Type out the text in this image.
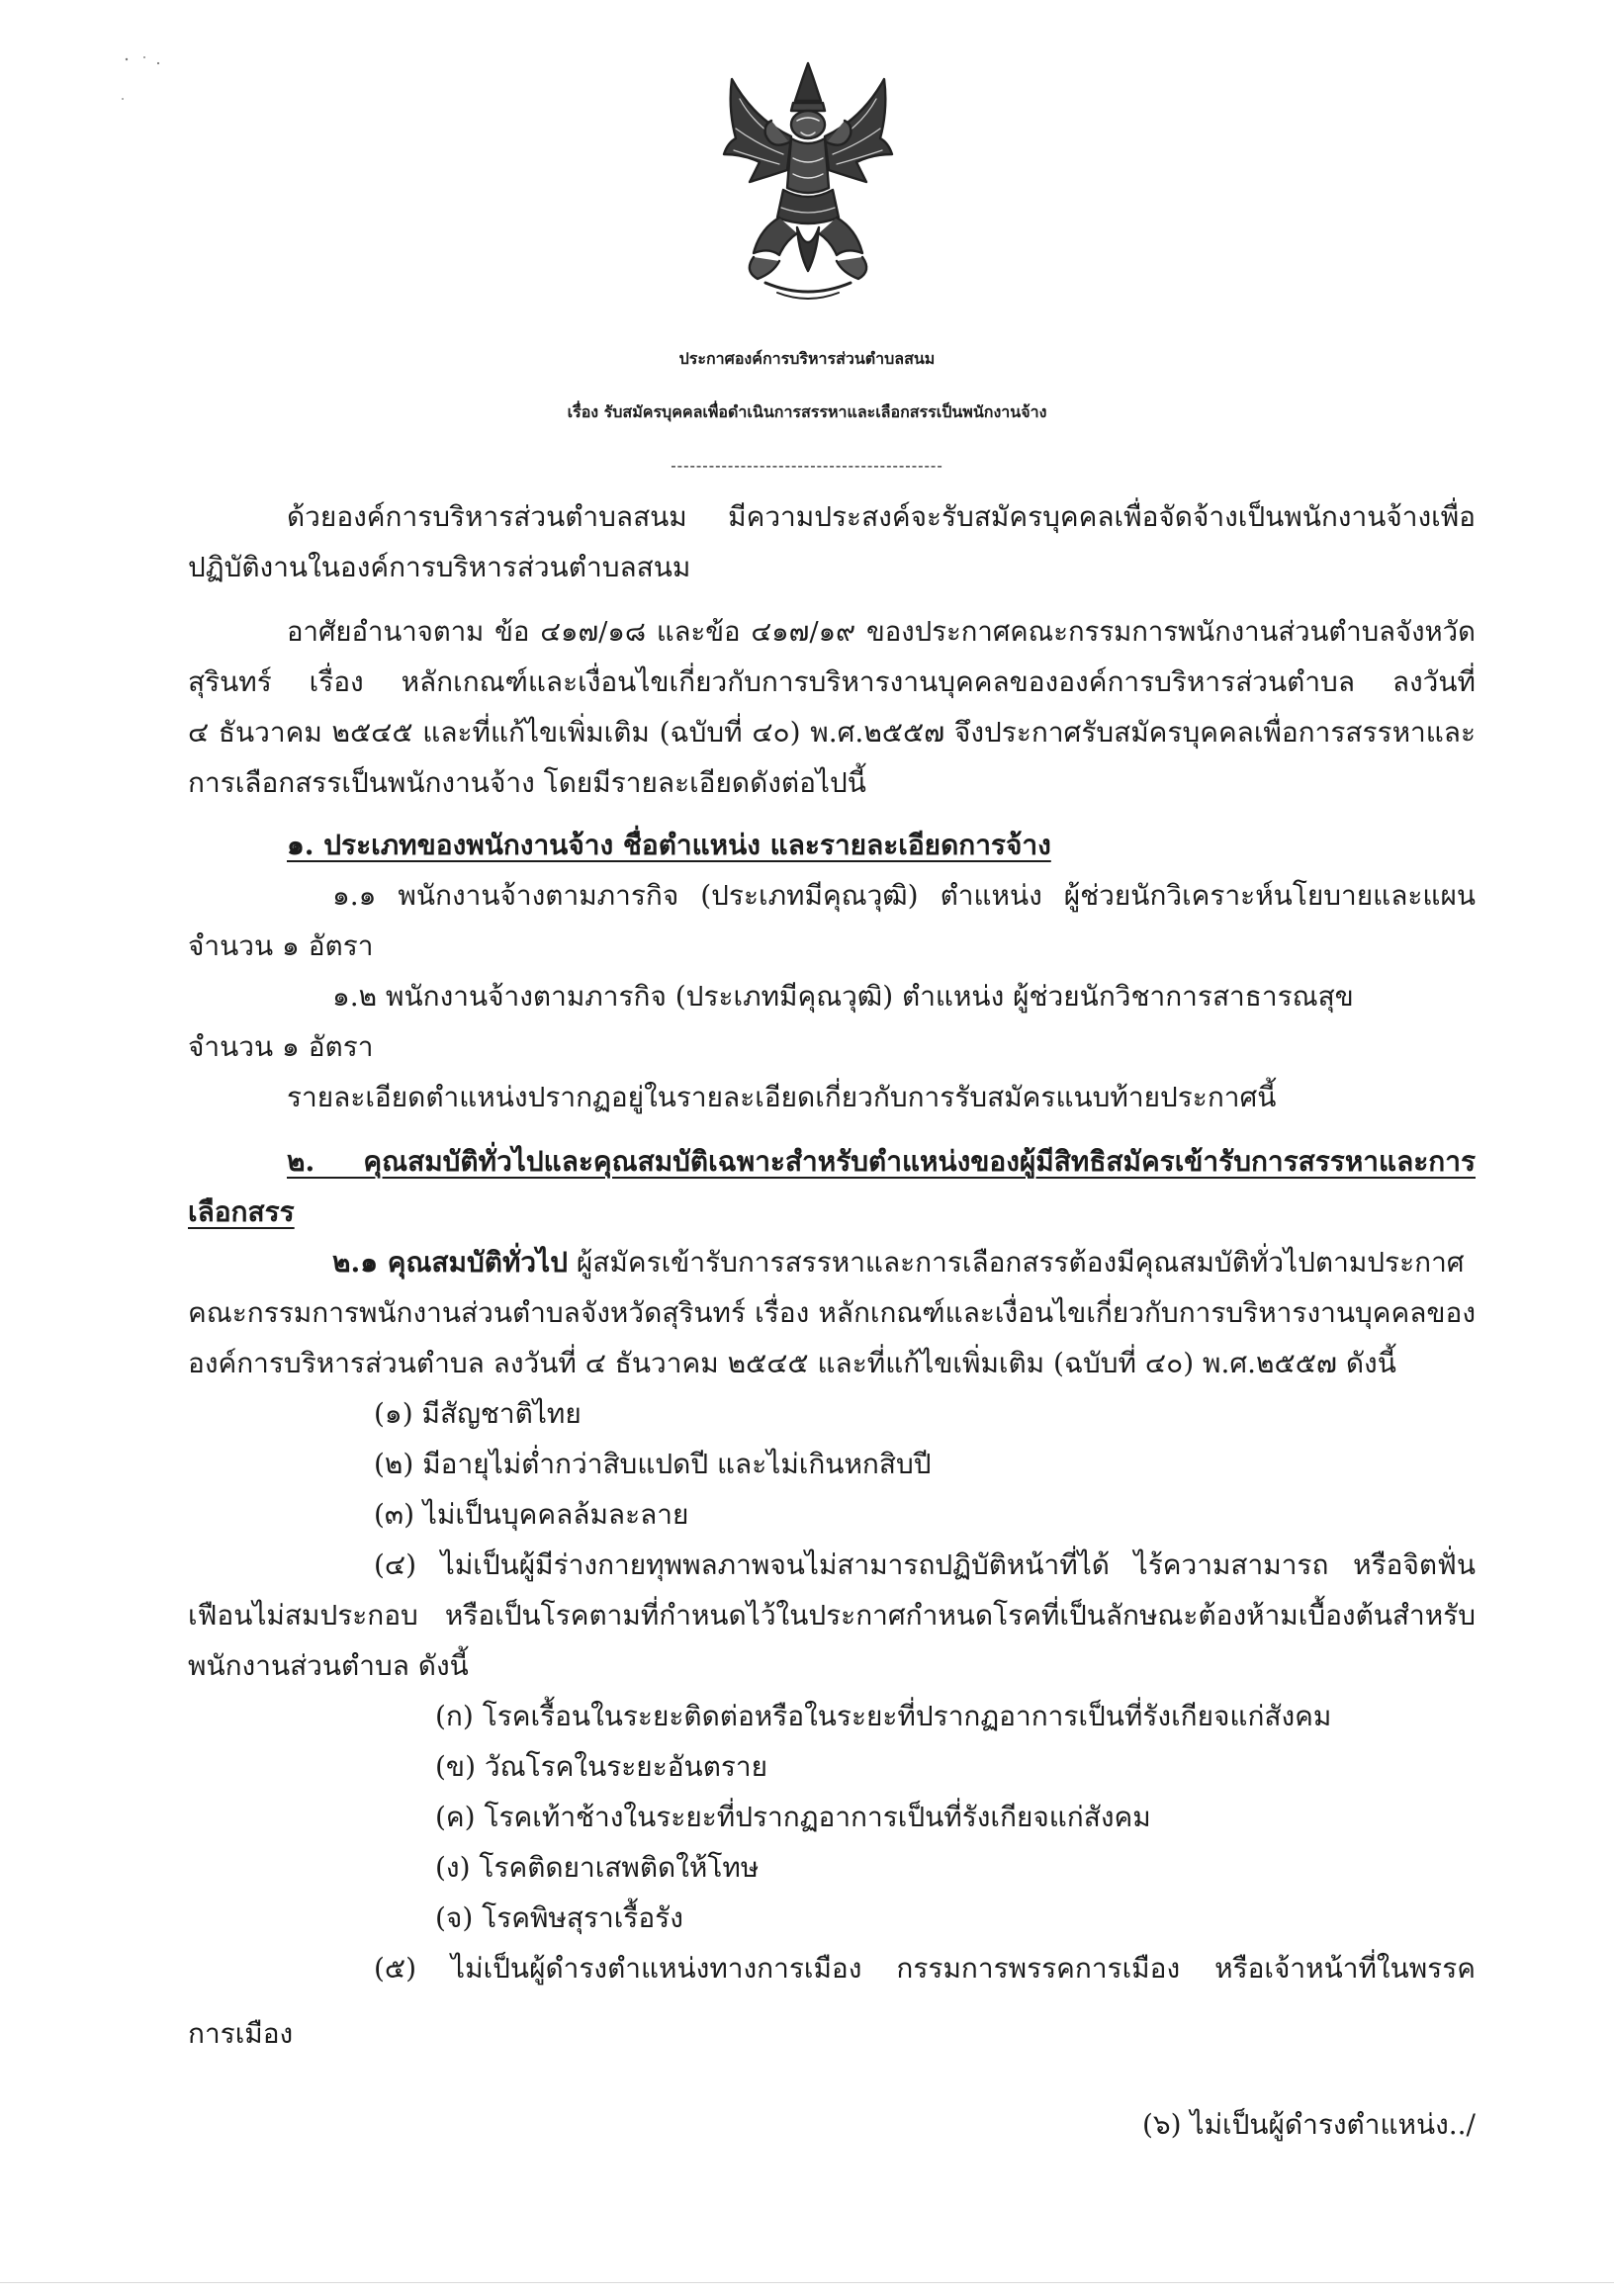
ประกาศองค์การบริหารส่วนตำบลสนม
เรื่อง รับสมัครบุคคลเพื่อดำเนินการสรรหาและเลือกสรรเป็นพนักงานจ้าง
-------------------------------------------
ด้วยองค์การบริหารส่วนตำบลสนม มีความประสงค์จะรับสมัครบุคคลเพื่อจัดจ้างเป็นพนักงานจ้างเพื่อ
ปฏิบัติงานในองค์การบริหารส่วนตำบลสนม
อาศัยอำนาจตาม ข้อ ๔๑๗/๑๘ และข้อ ๔๑๗/๑๙ ของประกาศคณะกรรมการพนักงานส่วนตำบลจังหวัด
สุรินทร์ เรื่อง หลักเกณฑ์และเงื่อนไขเกี่ยวกับการบริหารงานบุคคลขององค์การบริหารส่วนตำบล ลงวันที่
๔ ธันวาคม ๒๕๔๕ และที่แก้ไขเพิ่มเติม (ฉบับที่ ๔๐) พ.ศ.๒๕๕๗ จึงประกาศรับสมัครบุคคลเพื่อการสรรหาและ
การเลือกสรรเป็นพนักงานจ้าง โดยมีรายละเอียดดังต่อไปนี้
๑. ประเภทของพนักงานจ้าง ชื่อตำแหน่ง และรายละเอียดการจ้าง
๑.๑ พนักงานจ้างตามภารกิจ (ประเภทมีคุณวุฒิ) ตำแหน่ง ผู้ช่วยนักวิเคราะห์นโยบายและแผน
จำนวน ๑ อัตรา
๑.๒ พนักงานจ้างตามภารกิจ (ประเภทมีคุณวุฒิ) ตำแหน่ง ผู้ช่วยนักวิชาการสาธารณสุข
จำนวน ๑ อัตรา
รายละเอียดตำแหน่งปรากฏอยู่ในรายละเอียดเกี่ยวกับการรับสมัครแนบท้ายประกาศนี้
๒. คุณสมบัติทั่วไปและคุณสมบัติเฉพาะสำหรับตำแหน่งของผู้มีสิทธิสมัครเข้ารับการสรรหาและการ
เลือกสรร
๒.๑ คุณสมบัติทั่วไป ผู้สมัครเข้ารับการสรรหาและการเลือกสรรต้องมีคุณสมบัติทั่วไปตามประกาศ
คณะกรรมการพนักงานส่วนตำบลจังหวัดสุรินทร์ เรื่อง หลักเกณฑ์และเงื่อนไขเกี่ยวกับการบริหารงานบุคคลของ
องค์การบริหารส่วนตำบล ลงวันที่ ๔ ธันวาคม ๒๕๔๕ และที่แก้ไขเพิ่มเติม (ฉบับที่ ๔๐) พ.ศ.๒๕๕๗ ดังนี้
(๑) มีสัญชาติไทย
(๒) มีอายุไม่ต่ำกว่าสิบแปดปี และไม่เกินหกสิบปี
(๓) ไม่เป็นบุคคลล้มละลาย
(๔) ไม่เป็นผู้มีร่างกายทุพพลภาพจนไม่สามารถปฏิบัติหน้าที่ได้ ไร้ความสามารถ หรือจิตฟั่น
เฟือนไม่สมประกอบ หรือเป็นโรคตามที่กำหนดไว้ในประกาศกำหนดโรคที่เป็นลักษณะต้องห้ามเบื้องต้นสำหรับ
พนักงานส่วนตำบล ดังนี้
(ก) โรคเรื้อนในระยะติดต่อหรือในระยะที่ปรากฏอาการเป็นที่รังเกียจแก่สังคม
(ข) วัณโรคในระยะอันตราย
(ค) โรคเท้าช้างในระยะที่ปรากฏอาการเป็นที่รังเกียจแก่สังคม
(ง) โรคติดยาเสพติดให้โทษ
(จ) โรคพิษสุราเรื้อรัง
(๕) ไม่เป็นผู้ดำรงตำแหน่งทางการเมือง กรรมการพรรคการเมือง หรือเจ้าหน้าที่ในพรรค
การเมือง
(๖) ไม่เป็นผู้ดำรงตำแหน่ง../
